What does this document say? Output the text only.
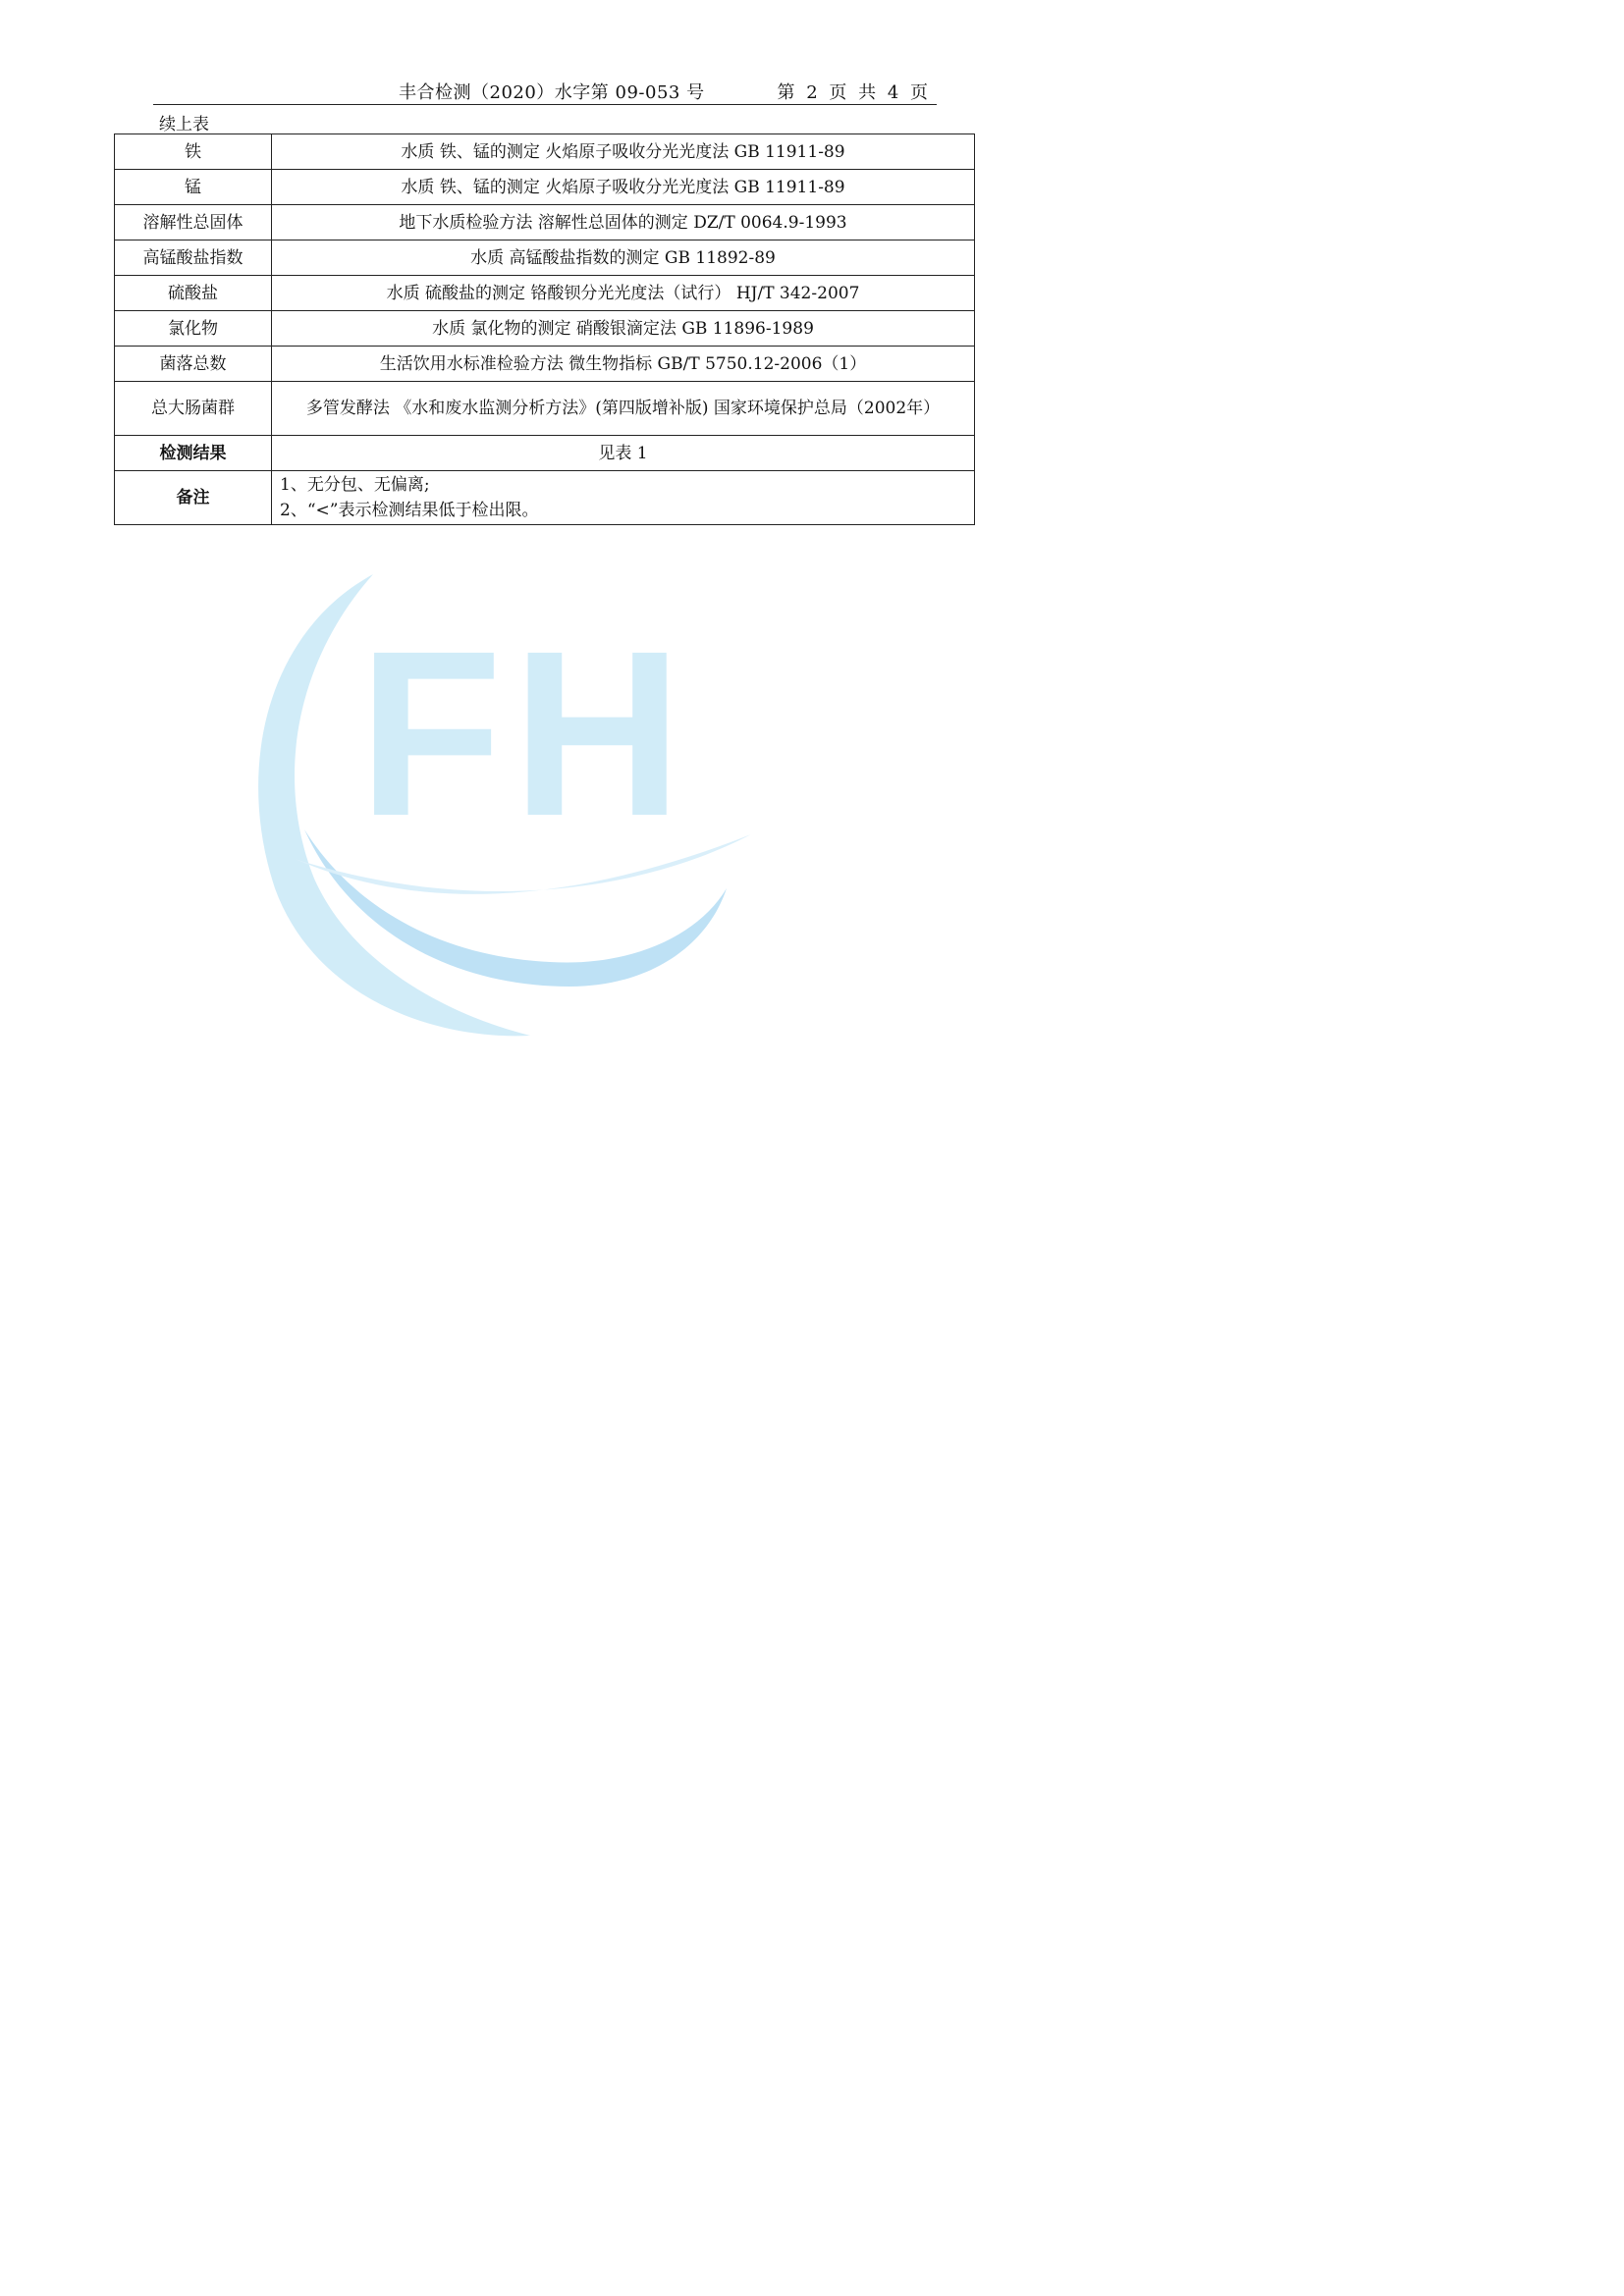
丰合检测（2020）水字第 09-053 号	第 2 页 共 4 页
续上表
铁	水质 铁、锰的测定 火焰原子吸收分光光度法 GB 11911-89
锰	水质 铁、锰的测定 火焰原子吸收分光光度法 GB 11911-89
溶解性总固体	地下水质检验方法 溶解性总固体的测定 DZ/T 0064.9-1993
高锰酸盐指数	水质 高锰酸盐指数的测定 GB 11892-89
硫酸盐	水质 硫酸盐的测定 铬酸钡分光光度法（试行） HJ/T 342-2007
氯化物	水质 氯化物的测定 硝酸银滴定法 GB 11896-1989
菌落总数	生活饮用水标准检验方法 微生物指标 GB/T 5750.12-2006（1）
总大肠菌群	多管发酵法 《水和废水监测分析方法》(第四版增补版) 国家环境保护总局（2002年）
检测结果	见表 1
备注	1、无分包、无偏离;
2、“<”表示检测结果低于检出限。
FH
